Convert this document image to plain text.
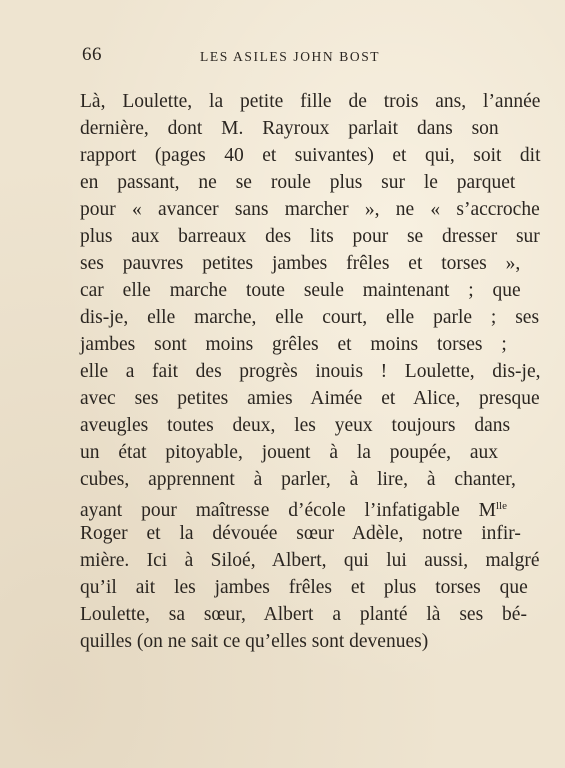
66	LES ASILES JOHN BOST
Là, Loulette, la petite fille de trois ans, l’année
dernière, dont M. Rayroux parlait dans son
rapport (pages 40 et suivantes) et qui, soit dit
en passant, ne se roule plus sur le parquet
pour « avancer sans marcher », ne « s’accroche
plus aux barreaux des lits pour se dresser sur
ses pauvres petites jambes frêles et torses »,
car elle marche toute seule maintenant ; que
dis-je, elle marche, elle court, elle parle ; ses
jambes sont moins grêles et moins torses ;
elle a fait des progrès inouis ! Loulette, dis-je,
avec ses petites amies Aimée et Alice, presque
aveugles toutes deux, les yeux toujours dans
un état pitoyable, jouent à la poupée, aux
cubes, apprennent à parler, à lire, à chanter,
ayant pour maîtresse d’école l’infatigable $M^{lle}$
Roger et la dévouée sœur Adèle, notre infir-
mière. Ici à Siloé, Albert, qui lui aussi, malgré
qu’il ait les jambes frêles et plus torses que
Loulette, sa sœur, Albert a planté là ses bé-
quilles (on ne sait ce qu’elles sont devenues)
